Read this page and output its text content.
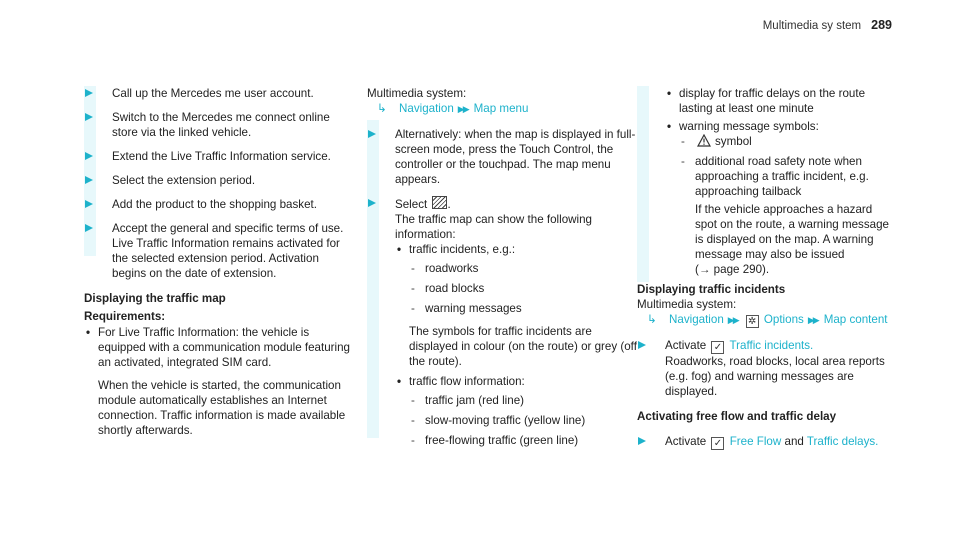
Multimedia sy stem 289
Call up the Mercedes me user account.
Switch to the Mercedes me connect online store via the linked vehicle.
Extend the Live Traffic Information service.
Select the extension period.
Add the product to the shopping basket.
Accept the general and specific terms of use. Live Traffic Information remains activated for the selected extension period. Activation begins on the date of extension.
Displaying the traffic map
Requirements:
• For Live Traffic Information: the vehicle is equipped with a communication module featuring an activated, integrated SIM card.
When the vehicle is started, the communication module automatically establishes an Internet connection. Traffic information is made available shortly afterwards.
Multimedia system:
↳ Navigation ▶▶ Map menu
Alternatively: when the map is displayed in full-screen mode, press the Touch Control, the controller or the touchpad. The map menu appears.
Select .
The traffic map can show the following information:
• traffic incidents, e.g.:
- roadworks
- road blocks
- warning messages
The symbols for traffic incidents are displayed in colour (on the route) or grey (off the route).
• traffic flow information:
- traffic jam (red line)
- slow-moving traffic (yellow line)
- free-flowing traffic (green line)
• display for traffic delays on the route lasting at least one minute
• warning message symbols:
-	symbol
- additional road safety note when approaching a traffic incident, e.g. approaching tailback
If the vehicle approaches a hazard spot on the route, a warning message is displayed on the map. A warning message may also be issued
(→ page 290).
Displaying traffic incidents
Multimedia system:
↳ Navigation ▶▶ ✲ Options ▶▶ Map content
Activate ✓ Traffic incidents.
Roadworks, road blocks, local area reports (e.g. fog) and warning messages are displayed.
Activating free flow and traffic delay
Activate ✓ Free Flow and Traffic delays.
